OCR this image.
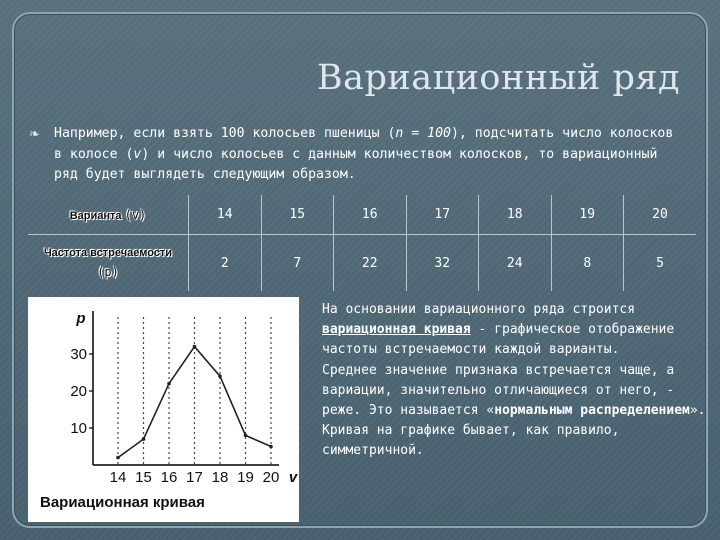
Вариационный ряд
❧ Например, если взять 100 колосьев пшеницы (n = 100), подсчитать число колосков в колосе (v) и число колосьев с данным количеством колосков, то вариационный ряд будет выглядеть следующим образом.
Варианта (v)	14	15	16	17	18	19	20
Частота встречаемости
(p)	2	7	22	32	24	8	5
10
20
30
14 15 16 17 18 19 20
p
v
Вариационная кривая

На основании вариационного ряда строится вариационная кривая - графическое отображение частоты встречаемости каждой варианты.

Среднее значение признака встречается чаще, а вариации, значительно отличающиеся от него, - реже. Это называется «нормальным распределением». Кривая на графике бывает, как правило, симметричной.
